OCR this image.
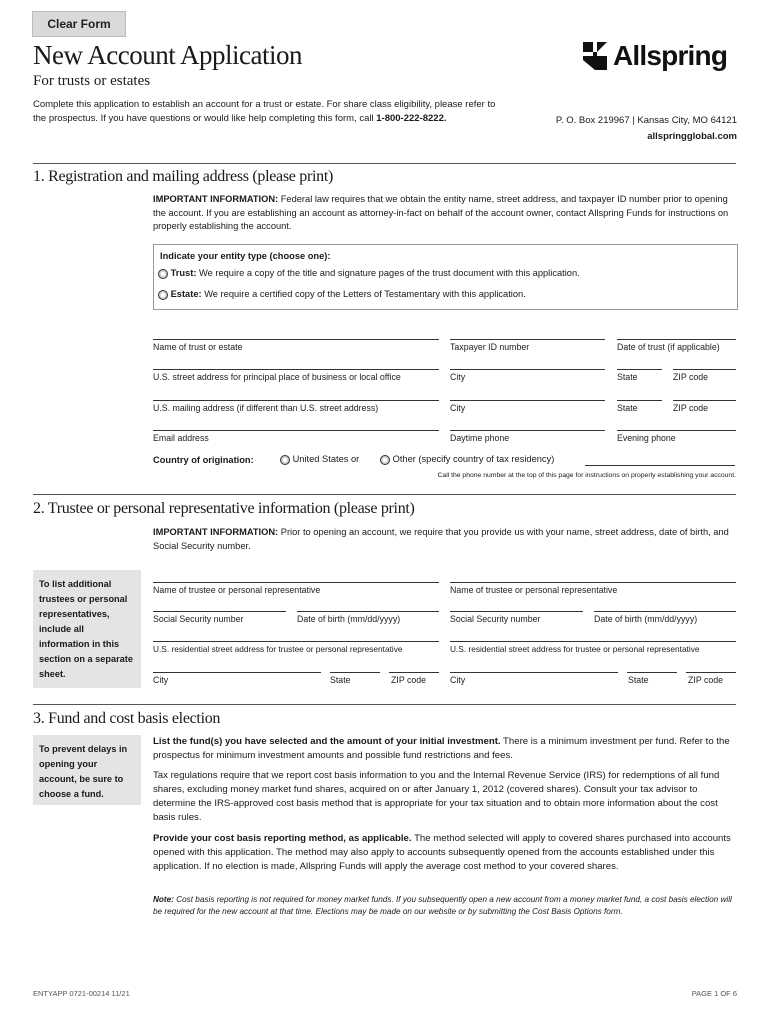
Clear Form
New Account Application
For trusts or estates
Complete this application to establish an account for a trust or estate. For share class eligibility, please refer to the prospectus. If you have questions or would like help completing this form, call 1-800-222-8222.
Allspring
P. O. Box 219967 | Kansas City, MO 64121
allspringglobal.com
1. Registration and mailing address (please print)
IMPORTANT INFORMATION: Federal law requires that we obtain the entity name, street address, and taxpayer ID number prior to opening the account. If you are establishing an account as attorney-in-fact on behalf of the account owner, contact Allspring Funds for instructions on properly establishing the account.
Indicate your entity type (choose one):
Trust: We require a copy of the title and signature pages of the trust document with this application.
Estate: We require a certified copy of the Letters of Testamentary with this application.
Name of trust or estate	Taxpayer ID number	Date of trust (if applicable)
U.S. street address for principal place of business or local office	City	State	ZIP code
U.S. mailing address (if different than U.S. street address)	City	State	ZIP code
Email address	Daytime phone	Evening phone
Country of origination:	United States or	Other (specify country of tax residency)
Call the phone number at the top of this page for instructions on properly establishing your account.
2. Trustee or personal representative information (please print)
IMPORTANT INFORMATION: Prior to opening an account, we require that you provide us with your name, street address, date of birth, and Social Security number.
To list additional trustees or personal representatives, include all information in this section on a separate sheet.
Name of trustee or personal representative	Name of trustee or personal representative
Social Security number	Date of birth (mm/dd/yyyy)	Social Security number	Date of birth (mm/dd/yyyy)
U.S. residential street address for trustee or personal representative	U.S. residential street address for trustee or personal representative
City	State	ZIP code	City	State	ZIP code
3. Fund and cost basis election
To prevent delays in opening your account, be sure to choose a fund.
List the fund(s) you have selected and the amount of your initial investment. There is a minimum investment per fund. Refer to the prospectus for minimum investment amounts and possible fund restrictions and fees.
Tax regulations require that we report cost basis information to you and the Internal Revenue Service (IRS) for redemptions of all fund shares, excluding money market fund shares, acquired on or after January 1, 2012 (covered shares). Consult your tax advisor to determine the IRS-approved cost basis method that is appropriate for your tax situation and to obtain more information about the cost basis rules.
Provide your cost basis reporting method, as applicable. The method selected will apply to covered shares purchased into accounts opened with this application. The method may also apply to accounts subsequently opened from the accounts established under this application. If no election is made, Allspring Funds will apply the average cost method to your covered shares.
Note: Cost basis reporting is not required for money market funds. If you subsequently open a new account from a money market fund, a cost basis election will be required for the new account at that time. Elections may be made on our website or by submitting the Cost Basis Options form.
ENTYAPP 0721-00214 11/21	PAGE 1 OF 6
